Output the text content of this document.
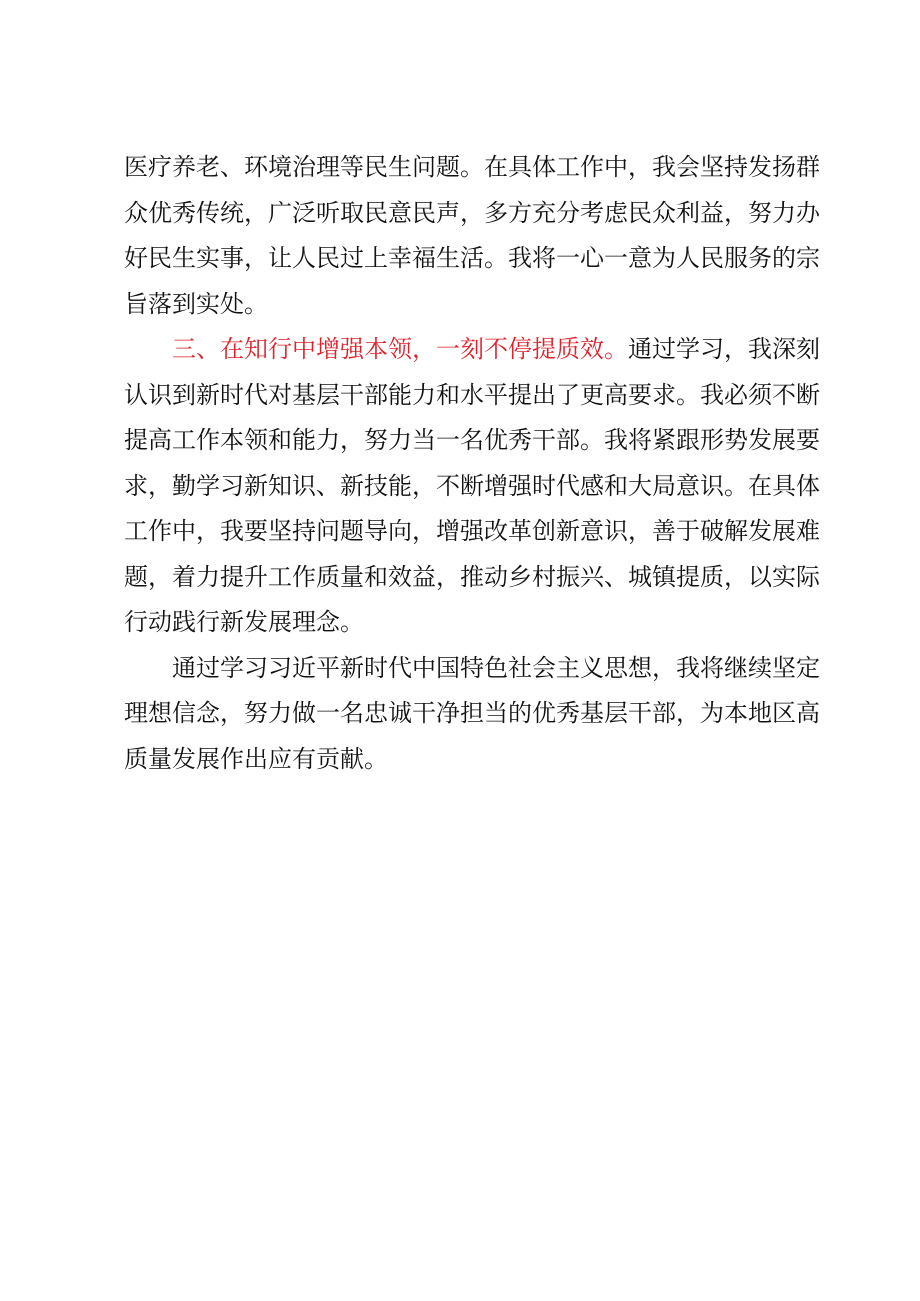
医疗养老、环境治理等民生问题。在具体工作中，我会坚持发扬群众优秀传统，广泛听取民意民声，多方充分考虑民众利益，努力办好民生实事，让人民过上幸福生活。我将一心一意为人民服务的宗旨落到实处。

三、在知行中增强本领，一刻不停提质效。通过学习，我深刻认识到新时代对基层干部能力和水平提出了更高要求。我必须不断提高工作本领和能力，努力当一名优秀干部。我将紧跟形势发展要求，勤学习新知识、新技能，不断增强时代感和大局意识。在具体工作中，我要坚持问题导向，增强改革创新意识，善于破解发展难题，着力提升工作质量和效益，推动乡村振兴、城镇提质，以实际行动践行新发展理念。

通过学习习近平新时代中国特色社会主义思想，我将继续坚定理想信念，努力做一名忠诚干净担当的优秀基层干部，为本地区高质量发展作出应有贡献。
